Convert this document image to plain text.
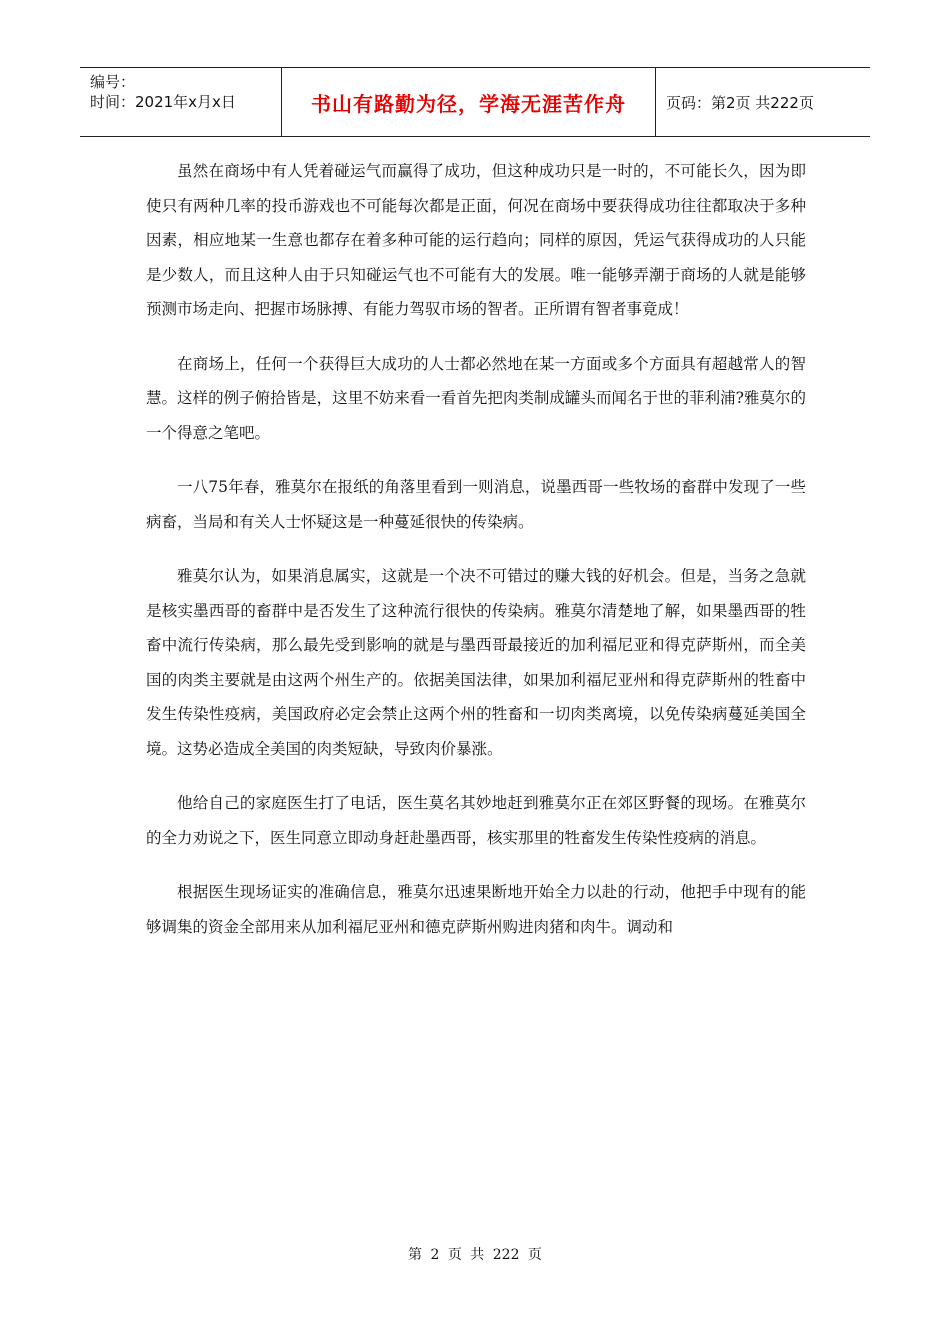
编号：
时间：2021年x月x日	书山有路勤为径，学海无涯苦作舟	页码：第2页 共222页

虽然在商场中有人凭着碰运气而赢得了成功，但这种成功只是一时的，不可能长久，因为即使只有两种几率的投币游戏也不可能每次都是正面，何况在商场中要获得成功往往都取决于多种因素，相应地某一生意也都存在着多种可能的运行趋向；同样的原因，凭运气获得成功的人只能是少数人，而且这种人由于只知碰运气也不可能有大的发展。唯一能够弄潮于商场的人就是能够预测市场走向、把握市场脉搏、有能力驾驭市场的智者。正所谓有智者事竟成！

在商场上，任何一个获得巨大成功的人士都必然地在某一方面或多个方面具有超越常人的智慧。这样的例子俯拾皆是，这里不妨来看一看首先把肉类制成罐头而闻名于世的菲利浦?雅莫尔的一个得意之笔吧。

一八75年春，雅莫尔在报纸的角落里看到一则消息，说墨西哥一些牧场的畜群中发现了一些病畜，当局和有关人士怀疑这是一种蔓延很快的传染病。

雅莫尔认为，如果消息属实，这就是一个决不可错过的赚大钱的好机会。但是，当务之急就是核实墨西哥的畜群中是否发生了这种流行很快的传染病。雅莫尔清楚地了解，如果墨西哥的牲畜中流行传染病，那么最先受到影响的就是与墨西哥最接近的加利福尼亚和得克萨斯州，而全美国的肉类主要就是由这两个州生产的。依据美国法律，如果加利福尼亚州和得克萨斯州的牲畜中发生传染性疫病，美国政府必定会禁止这两个州的牲畜和一切肉类离境，以免传染病蔓延美国全境。这势必造成全美国的肉类短缺，导致肉价暴涨。

他给自己的家庭医生打了电话，医生莫名其妙地赶到雅莫尔正在郊区野餐的现场。在雅莫尔的全力劝说之下，医生同意立即动身赶赴墨西哥，核实那里的牲畜发生传染性疫病的消息。

根据医生现场证实的准确信息，雅莫尔迅速果断地开始全力以赴的行动，他把手中现有的能够调集的资金全部用来从加利福尼亚州和德克萨斯州购进肉猪和肉牛。调动和

第 2 页 共 222 页
